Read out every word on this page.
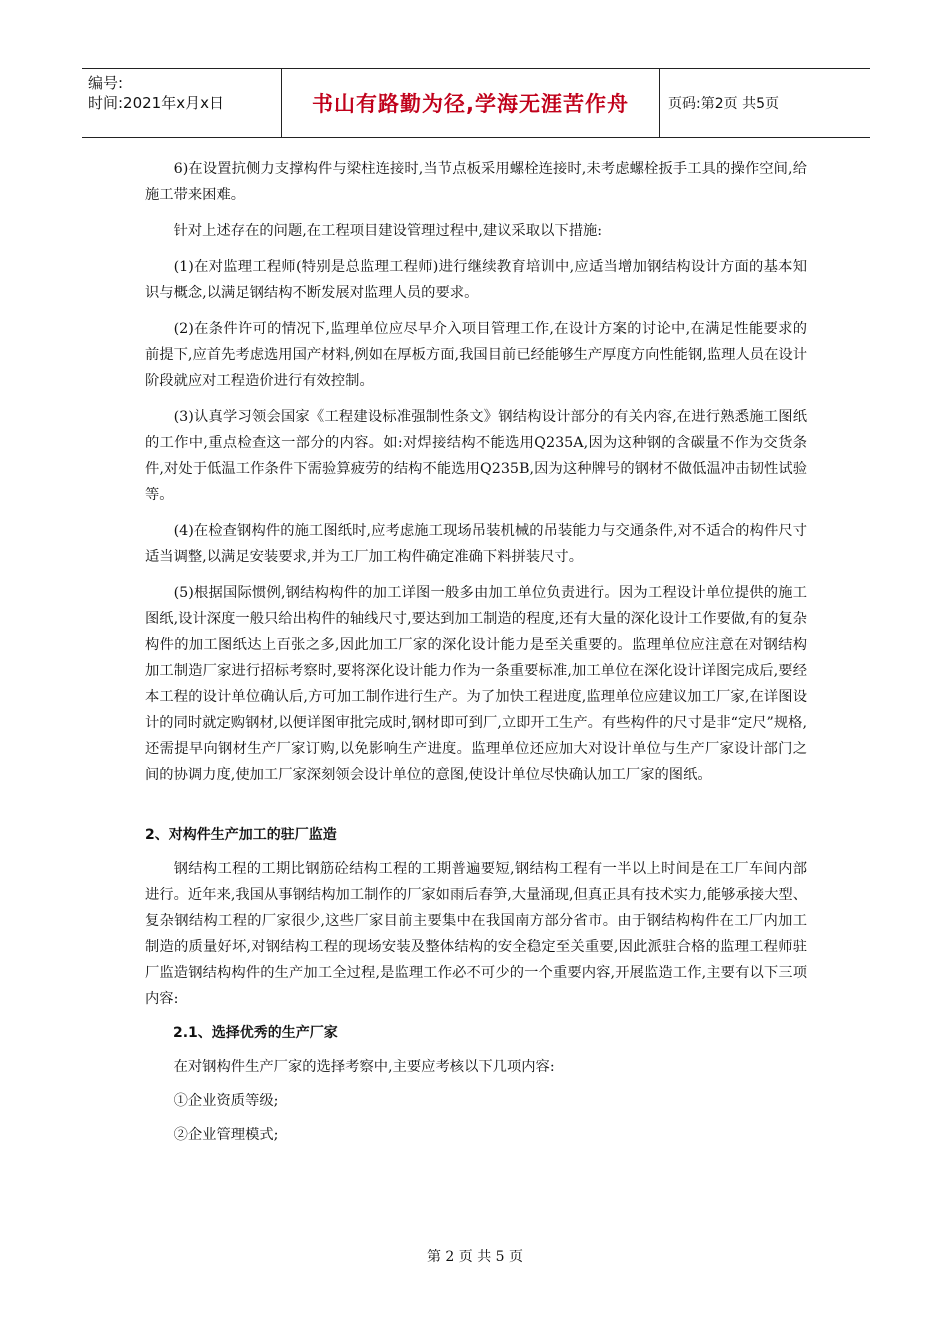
编号:
时间:2021年x月x日	书山有路勤为径,学海无涯苦作舟	页码:第2页 共5页

6)在设置抗侧力支撑构件与梁柱连接时,当节点板采用螺栓连接时,未考虑螺栓扳手工具的操作空间,给施工带来困难。

针对上述存在的问题,在工程项目建设管理过程中,建议采取以下措施:

(1)在对监理工程师(特别是总监理工程师)进行继续教育培训中,应适当增加钢结构设计方面的基本知识与概念,以满足钢结构不断发展对监理人员的要求。

(2)在条件许可的情况下,监理单位应尽早介入项目管理工作,在设计方案的讨论中,在满足性能要求的前提下,应首先考虑选用国产材料,例如在厚板方面,我国目前已经能够生产厚度方向性能钢,监理人员在设计阶段就应对工程造价进行有效控制。

(3)认真学习领会国家《工程建设标准强制性条文》钢结构设计部分的有关内容,在进行熟悉施工图纸的工作中,重点检查这一部分的内容。如:对焊接结构不能选用Q235A,因为这种钢的含碳量不作为交货条件,对处于低温工作条件下需验算疲劳的结构不能选用Q235B,因为这种牌号的钢材不做低温冲击韧性试验等。

(4)在检查钢构件的施工图纸时,应考虑施工现场吊装机械的吊装能力与交通条件,对不适合的构件尺寸适当调整,以满足安装要求,并为工厂加工构件确定准确下料拼装尺寸。

(5)根据国际惯例,钢结构构件的加工详图一般多由加工单位负责进行。因为工程设计单位提供的施工图纸,设计深度一般只给出构件的轴线尺寸,要达到加工制造的程度,还有大量的深化设计工作要做,有的复杂构件的加工图纸达上百张之多,因此加工厂家的深化设计能力是至关重要的。监理单位应注意在对钢结构加工制造厂家进行招标考察时,要将深化设计能力作为一条重要标准,加工单位在深化设计详图完成后,要经本工程的设计单位确认后,方可加工制作进行生产。为了加快工程进度,监理单位应建议加工厂家,在详图设计的同时就定购钢材,以便详图审批完成时,钢材即可到厂,立即开工生产。有些构件的尺寸是非“定尺”规格,还需提早向钢材生产厂家订购,以免影响生产进度。监理单位还应加大对设计单位与生产厂家设计部门之间的协调力度,使加工厂家深刻领会设计单位的意图,使设计单位尽快确认加工厂家的图纸。

2、对构件生产加工的驻厂监造

钢结构工程的工期比钢筋砼结构工程的工期普遍要短,钢结构工程有一半以上时间是在工厂车间内部进行。近年来,我国从事钢结构加工制作的厂家如雨后春笋,大量涌现,但真正具有技术实力,能够承接大型、复杂钢结构工程的厂家很少,这些厂家目前主要集中在我国南方部分省市。由于钢结构构件在工厂内加工制造的质量好坏,对钢结构工程的现场安装及整体结构的安全稳定至关重要,因此派驻合格的监理工程师驻厂监造钢结构构件的生产加工全过程,是监理工作必不可少的一个重要内容,开展监造工作,主要有以下三项内容:

2.1、选择优秀的生产厂家

在对钢构件生产厂家的选择考察中,主要应考核以下几项内容:

①企业资质等级;

②企业管理模式;

第 2 页 共 5 页
